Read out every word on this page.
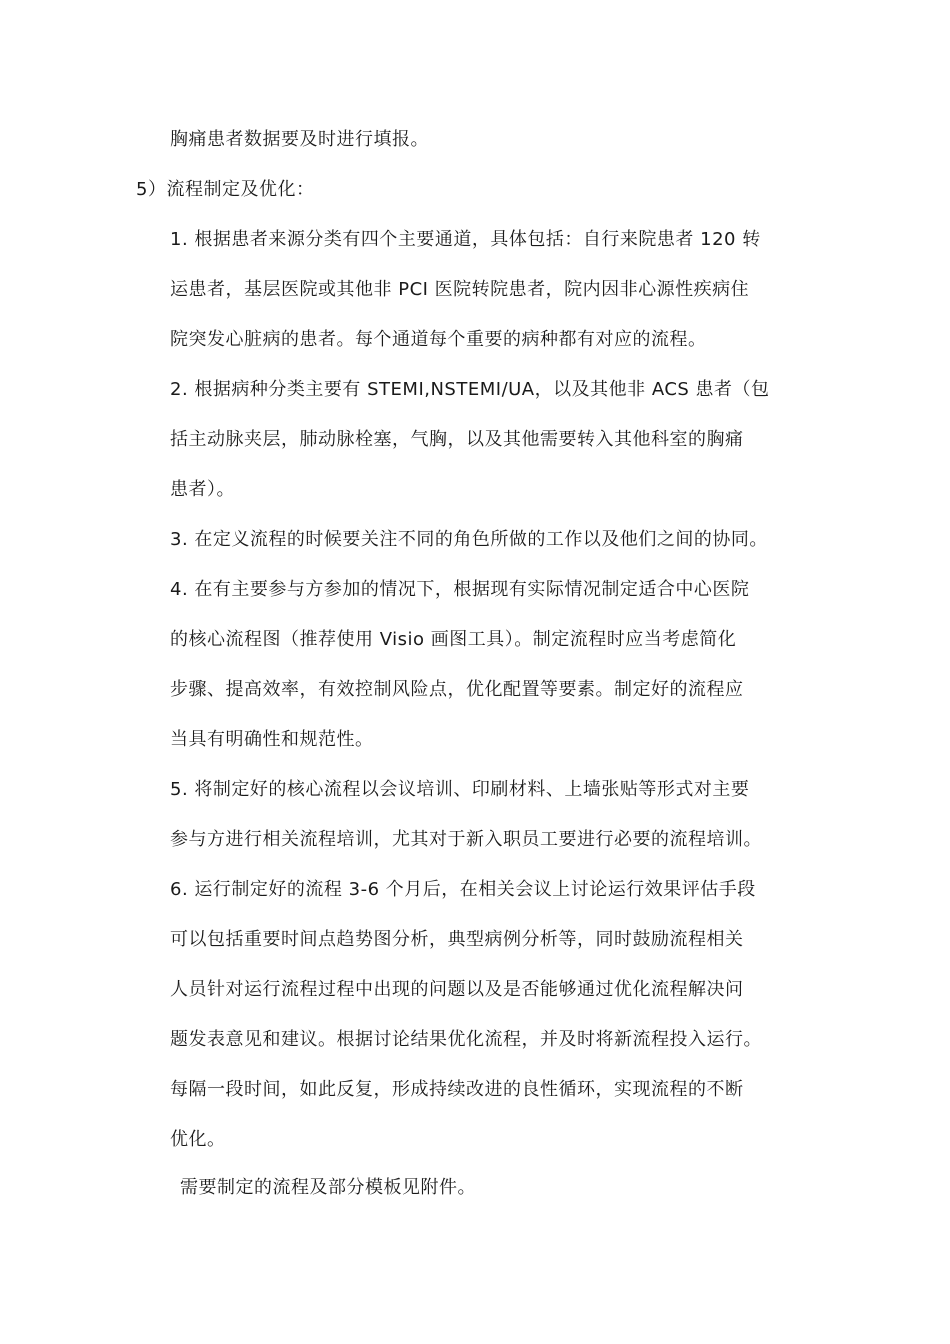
胸痛患者数据要及时进行填报。
5）流程制定及优化：
1. 根据患者来源分类有四个主要通道，具体包括：自行来院患者 120 转
运患者，基层医院或其他非 PCI 医院转院患者，院内因非心源性疾病住
院突发心脏病的患者。每个通道每个重要的病种都有对应的流程。
2. 根据病种分类主要有 STEMI,NSTEMI/UA，以及其他非 ACS 患者（包
括主动脉夹层，肺动脉栓塞，气胸，以及其他需要转入其他科室的胸痛
患者）。
3. 在定义流程的时候要关注不同的角色所做的工作以及他们之间的协同。
4. 在有主要参与方参加的情况下，根据现有实际情况制定适合中心医院
的核心流程图（推荐使用 Visio 画图工具）。制定流程时应当考虑简化
步骤、提高效率，有效控制风险点，优化配置等要素。制定好的流程应
当具有明确性和规范性。
5. 将制定好的核心流程以会议培训、印刷材料、上墙张贴等形式对主要
参与方进行相关流程培训，尤其对于新入职员工要进行必要的流程培训。
6. 运行制定好的流程 3-6 个月后，在相关会议上讨论运行效果评估手段
可以包括重要时间点趋势图分析，典型病例分析等，同时鼓励流程相关
人员针对运行流程过程中出现的问题以及是否能够通过优化流程解决问
题发表意见和建议。根据讨论结果优化流程，并及时将新流程投入运行。
每隔一段时间，如此反复，形成持续改进的良性循环，实现流程的不断
优化。
需要制定的流程及部分模板见附件。
